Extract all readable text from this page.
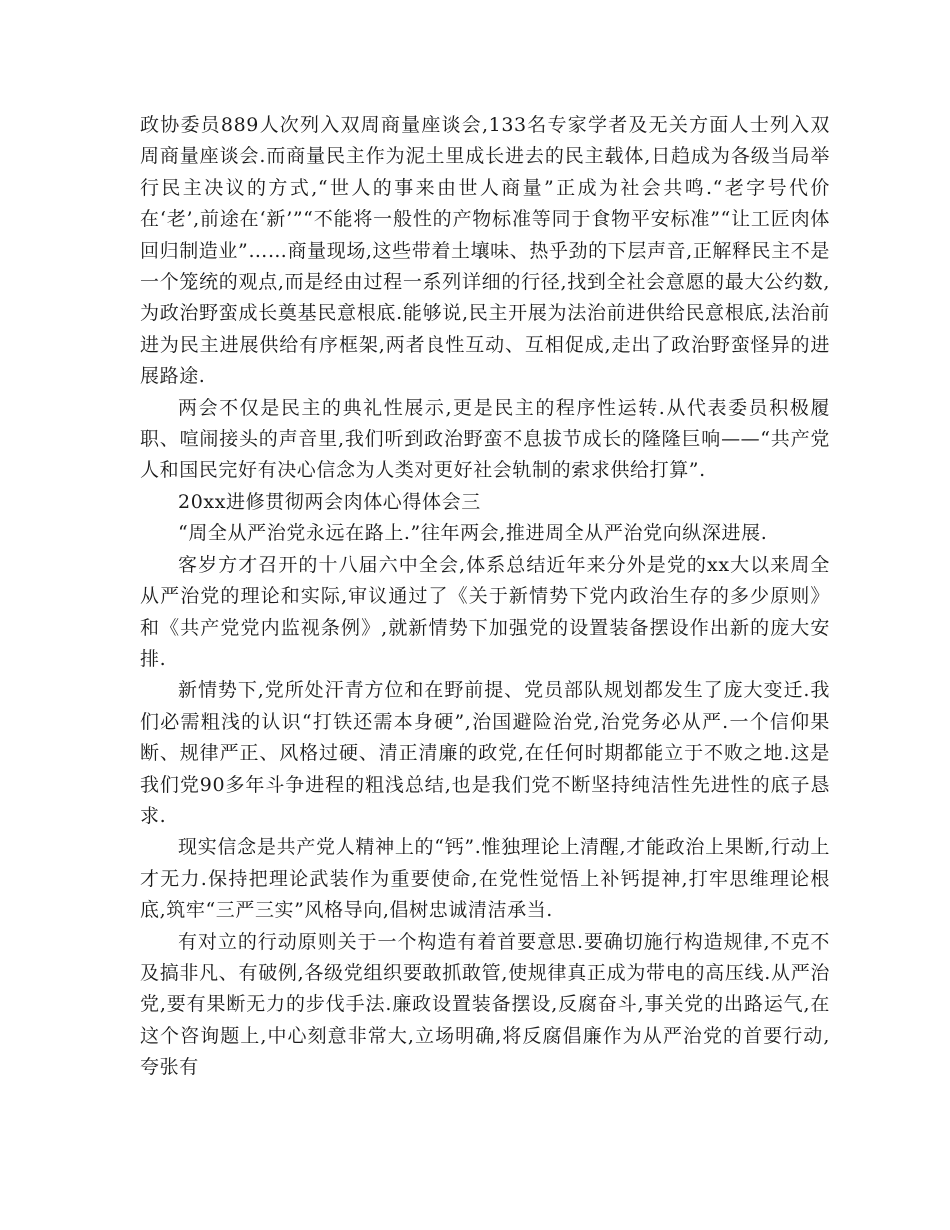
政协委员889人次列入双周商量座谈会,133名专家学者及无关方面人士列入双周商量座谈会.而商量民主作为泥土里成长进去的民主载体,日趋成为各级当局举行民主决议的方式,“世人的事来由世人商量”正成为社会共鸣.“老字号代价在‘老’,前途在‘新’”“不能将一般性的产物标准等同于食物平安标准”“让工匠肉体回归制造业”……商量现场,这些带着土壤味、热乎劲的下层声音,正解释民主不是一个笼统的观点,而是经由过程一系列详细的行径,找到全社会意愿的最大公约数,为政治野蛮成长奠基民意根底.能够说,民主开展为法治前进供给民意根底,法治前进为民主进展供给有序框架,两者良性互动、互相促成,走出了政治野蛮怪异的进展路途.

两会不仅是民主的典礼性展示,更是民主的程序性运转.从代表委员积极履职、喧闹接头的声音里,我们听到政治野蛮不息拔节成长的隆隆巨响——“共产党人和国民完好有决心信念为人类对更好社会轨制的索求供给打算”.

20xx进修贯彻两会肉体心得体会三

“周全从严治党永远在路上.”往年两会,推进周全从严治党向纵深进展.

客岁方才召开的十八届六中全会,体系总结近年来分外是党的xx大以来周全从严治党的理论和实际,审议通过了《关于新情势下党内政治生存的多少原则》和《共产党党内监视条例》,就新情势下加强党的设置装备摆设作出新的庞大安排.

新情势下,党所处汗青方位和在野前提、党员部队规划都发生了庞大变迁.我们必需粗浅的认识“打铁还需本身硬”,治国避险治党,治党务必从严.一个信仰果断、规律严正、风格过硬、清正清廉的政党,在任何时期都能立于不败之地.这是我们党90多年斗争进程的粗浅总结,也是我们党不断坚持纯洁性先进性的底子恳求.

现实信念是共产党人精神上的“钙”.惟独理论上清醒,才能政治上果断,行动上才无力.保持把理论武装作为重要使命,在党性觉悟上补钙提神,打牢思维理论根底,筑牢“三严三实”风格导向,倡树忠诚清洁承当.

有对立的行动原则关于一个构造有着首要意思.要确切施行构造规律,不克不及搞非凡、有破例,各级党组织要敢抓敢管,使规律真正成为带电的高压线.从严治党,要有果断无力的步伐手法.廉政设置装备摆设,反腐奋斗,事关党的出路运气,在这个咨询题上,中心刻意非常大,立场明确,将反腐倡廉作为从严治党的首要行动,夸张有
